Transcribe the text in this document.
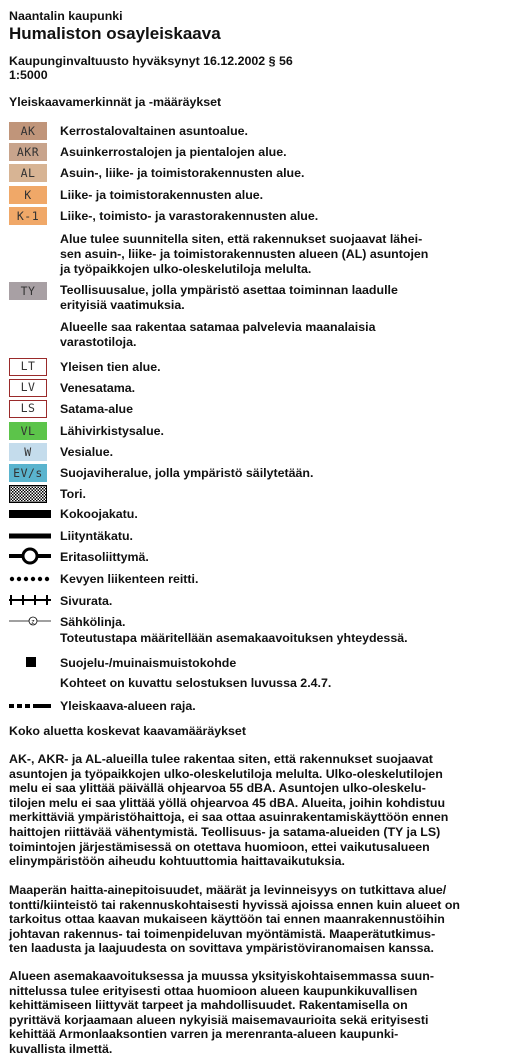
Naantalin kaupunki
Humaliston osayleiskaava
Kaupunginvaltuusto hyväksynyt 16.12.2002 § 56
1:5000
Yleiskaavamerkinnät ja -määräykset
AK	Kerrostalovaltainen asuntoalue.
AKR	Asuinkerrostalojen ja pientalojen alue.
AL	Asuin-, liike- ja toimistorakennusten alue.
K	Liike- ja toimistorakennusten alue.
K-1	Liike-, toimisto- ja varastorakennusten alue.
Alue tulee suunnitella siten, että rakennukset suojaavat lähei-
sen asuin-, liike- ja toimistorakennusten alueen (AL) asuntojen
ja työpaikkojen ulko-oleskelutiloja melulta.
TY	Teollisuusalue, jolla ympäristö asettaa toiminnan laadulle
erityisiä vaatimuksia.
Alueelle saa rakentaa satamaa palvelevia maanalaisia
varastotiloja.
LT	Yleisen tien alue.
LV	Venesatama.
LS	Satama-alue
VL	Lähivirkistysalue.
W	Vesialue.
EV/s	Suojaviheralue, jolla ympäristö säilytetään.
Tori.
Kokoojakatu.
Liityntäkatu.
Eritasoliittymä.
Kevyen liikenteen reitti.
Sivurata.
z Sähkölinja.
Toteutustapa määritellään asemakaavoituksen yhteydessä.
Suojelu-/muinaismuistokohde
Kohteet on kuvattu selostuksen luvussa 2.4.7.
Yleiskaava-alueen raja.
Koko aluetta koskevat kaavamääräykset
AK-, AKR- ja AL-alueilla tulee rakentaa siten, että rakennukset suojaavat
asuntojen ja työpaikkojen ulko-oleskelutiloja melulta. Ulko-oleskelutilojen
melu ei saa ylittää päivällä ohjearvoa 55 dBA. Asuntojen ulko-oleskelu-
tilojen melu ei saa ylittää yöllä ohjearvoa 45 dBA. Alueita, joihin kohdistuu
merkittäviä ympäristöhaittoja, ei saa ottaa asuinrakentamiskäyttöön ennen
haittojen riittävää vähentymistä. Teollisuus- ja satama-alueiden (TY ja LS)
toimintojen järjestämisessä on otettava huomioon, ettei vaikutusalueen
elinympäristöön aiheudu kohtuuttomia haittavaikutuksia.
Maaperän haitta-ainepitoisuudet, määrät ja levinneisyys on tutkittava alue/
tontti/kiinteistö tai rakennuskohtaisesti hyvissä ajoissa ennen kuin alueet on
tarkoitus ottaa kaavan mukaiseen käyttöön tai ennen maanrakennustöihin
johtavan rakennus- tai toimenpideluvan myöntämistä. Maaperätutkimus-
ten laadusta ja laajuudesta on sovittava ympäristöviranomaisen kanssa.
Alueen asemakaavoituksessa ja muussa yksityiskohtaisemmassa suun-
nittelussa tulee erityisesti ottaa huomioon alueen kaupunkikuvallisen
kehittämiseen liittyvät tarpeet ja mahdollisuudet. Rakentamisella on
pyrittävä korjaamaan alueen nykyisiä maisemavaurioita sekä erityisesti
kehittää Armonlaaksontien varren ja merenranta-alueen kaupunki-
kuvallista ilmettä.
